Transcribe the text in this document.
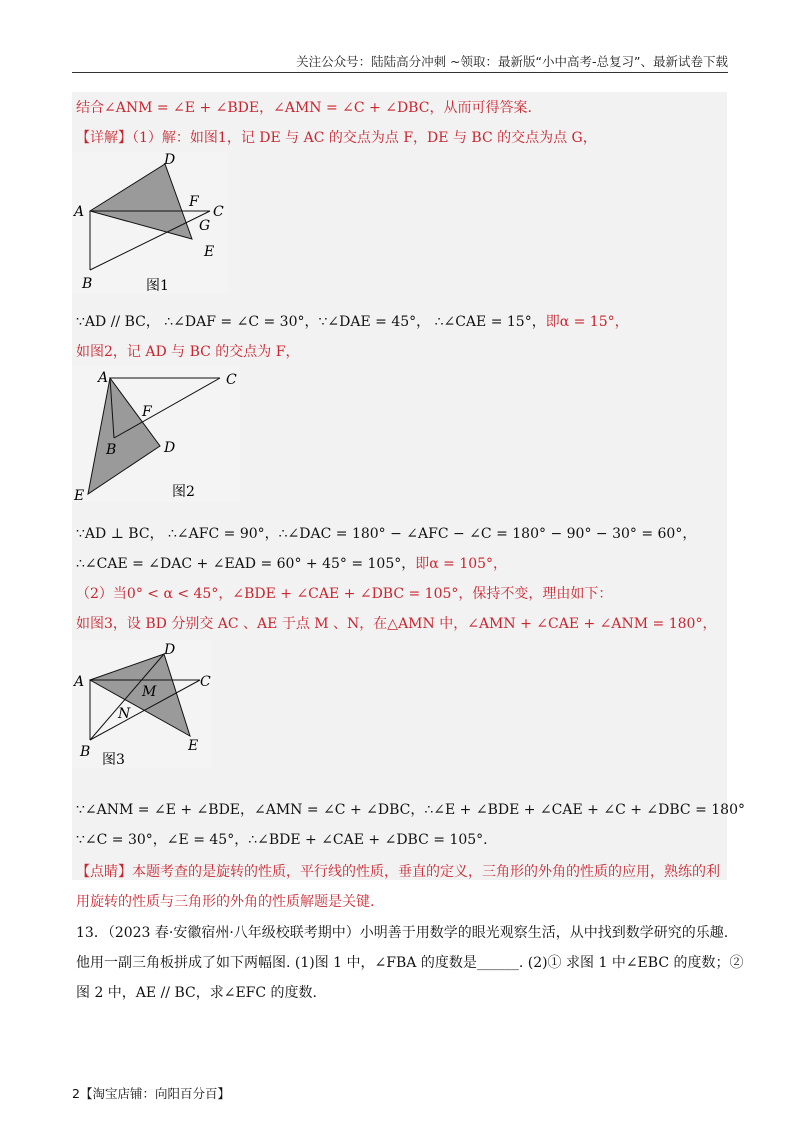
关注公众号：陆陆高分冲刺 ~领取：最新版“小中高考-总复习”、最新试卷下载
结合∠ANM = ∠E + ∠BDE，∠AMN = ∠C + ∠DBC，从而可得答案.
【详解】（1）解：如图1，记 DE 与 AC 的交点为点 F，DE 与 BC 的交点为点 G，
A
B
C
D
E
F
G
图1
∵AD // BC， ∴∠DAF = ∠C = 30°，∵∠DAE = 45°， ∴∠CAE = 15°，即α = 15°，
如图2，记 AD 与 BC 的交点为 F，
A
B
C
D
E
F
图2
∵AD ⊥ BC， ∴∠AFC = 90°，∴∠DAC = 180° − ∠AFC − ∠C = 180° − 90° − 30° = 60°，
∴∠CAE = ∠DAC + ∠EAD = 60° + 45° = 105°，即α = 105°，
（2）当0° < α < 45°，∠BDE + ∠CAE + ∠DBC = 105°，保持不变，理由如下：
如图3，设 BD 分别交 AC 、AE 于点 M 、N，在△AMN 中，∠AMN + ∠CAE + ∠ANM = 180°，
A
B
C
D
E
M
N
图3
∵∠ANM = ∠E + ∠BDE，∠AMN = ∠C + ∠DBC，∴∠E + ∠BDE + ∠CAE + ∠C + ∠DBC = 180°
∵∠C = 30°，∠E = 45°，∴∠BDE + ∠CAE + ∠DBC = 105°.
【点睛】本题考查的是旋转的性质，平行线的性质，垂直的定义，三角形的外角的性质的应用，熟练的利
用旋转的性质与三角形的外角的性质解题是关键.
13．（2023 春·安徽宿州·八年级校联考期中）小明善于用数学的眼光观察生活，从中找到数学研究的乐趣.
他用一副三角板拼成了如下两幅图. (1)图 1 中，∠FBA 的度数是______. (2)① 求图 1 中∠EBC 的度数；②
图 2 中，AE // BC，求∠EFC 的度数.
2【淘宝店铺：向阳百分百】
